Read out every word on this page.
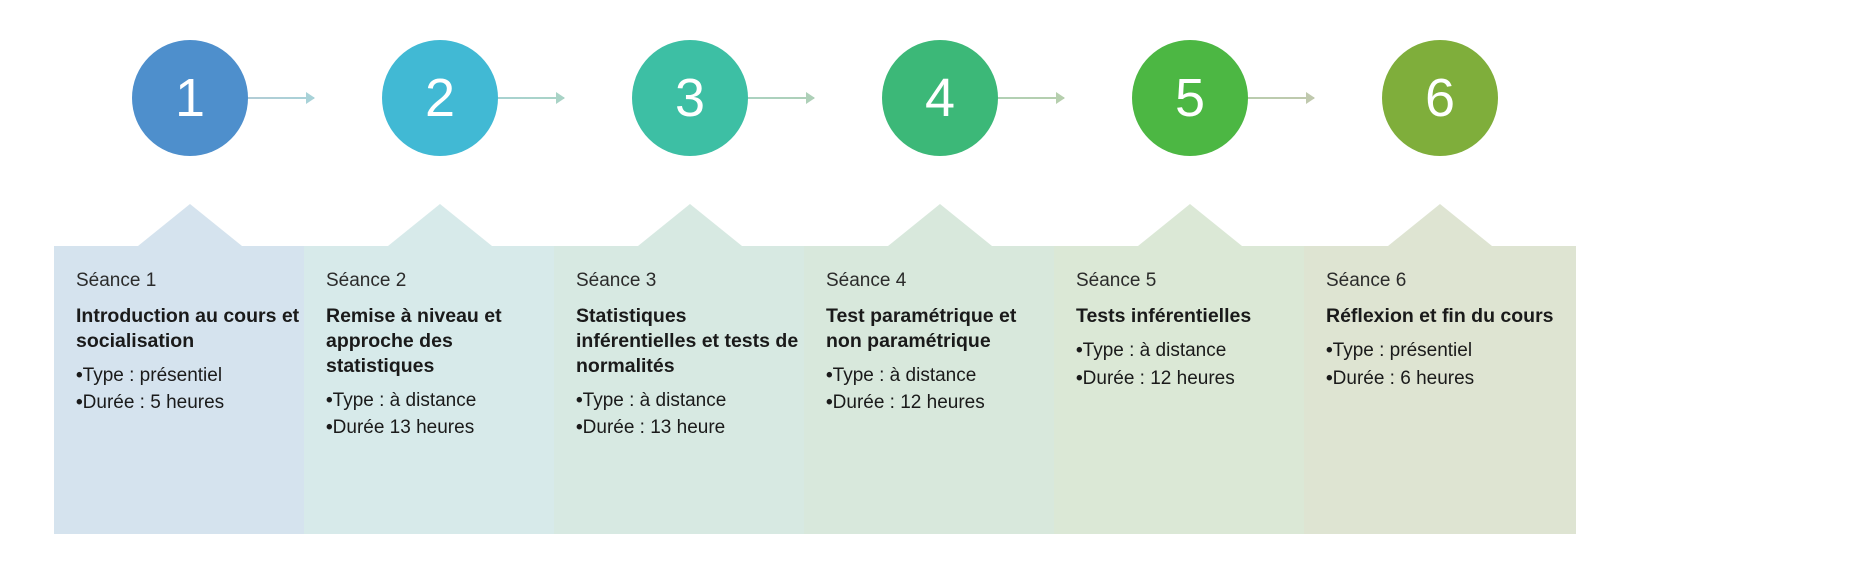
1	2	3	4	5	6
Séance 1
Introduction au cours et socialisation
•Type : présentiel
•Durée : 5 heures
Séance 2
Remise à niveau et approche des statistiques
•Type : à distance
•Durée 13 heures
Séance 3
Statistiques inférentielles et tests de normalités
•Type : à distance
•Durée : 13 heure
Séance 4
Test paramétrique et non paramétrique
•Type : à distance
•Durée : 12 heures
Séance 5
Tests inférentielles
•Type : à distance
•Durée : 12 heures
Séance 6
Réflexion et fin du cours
•Type : présentiel
•Durée : 6 heures
